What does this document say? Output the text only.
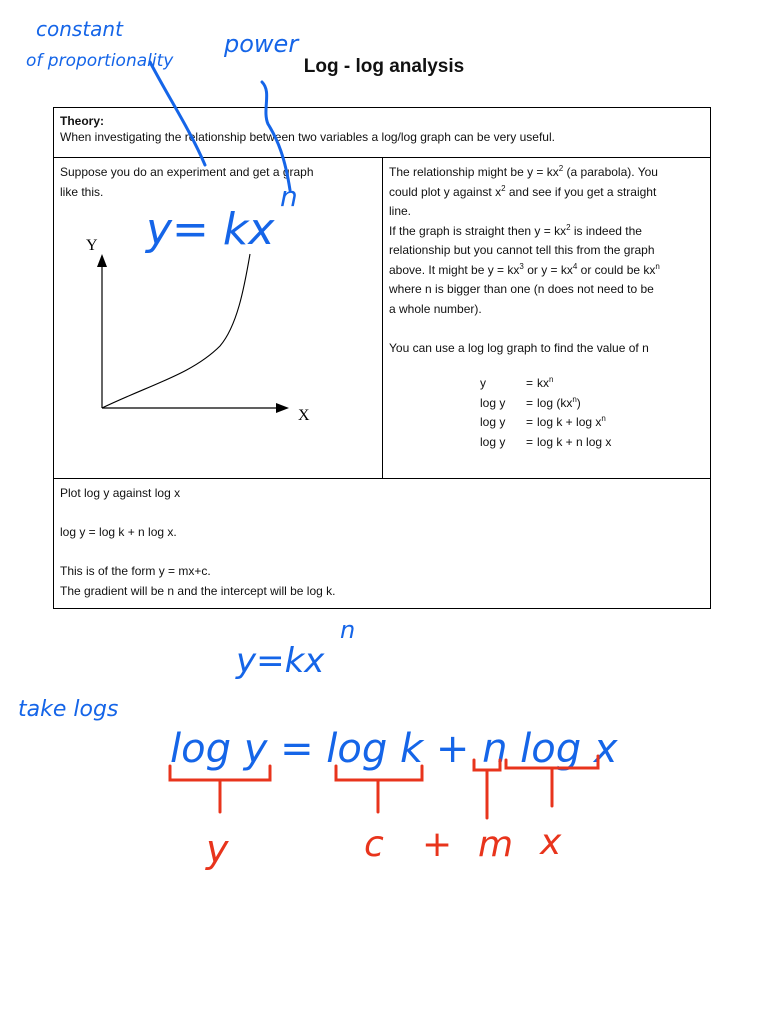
Log - log analysis
Theory:
When investigating the relationship between two variables a log/log graph can be very useful.

Suppose you do an experiment and get a graph

like this.

Y
X

The relationship might be $y = kx^2$ (a parabola). You

could plot y against $x^2$ and see if you get a straight

line.

If the graph is straight then $y = kx^2$ is indeed the

relationship but you cannot tell this from the graph

above. It might be $y = kx^3$ or $y = kx^4$ or could be $kx^n$

where n is bigger than one (n does not need to be

a whole number).

You can use a log log graph to find the value of n

y	= $kx^n$
$\log y = \log (kx^n)$
$\log y = \log k + \log x^n$
log y = log k + n log x

Plot log y against log x

log y = log k + n log x.

This is of the form y = mx+c.

The gradient will be n and the intercept will be log k.

constant
of proportionality
power
y= kx
n
y=kx
n
take logs
log y = log k + n log x
y	c + m x
